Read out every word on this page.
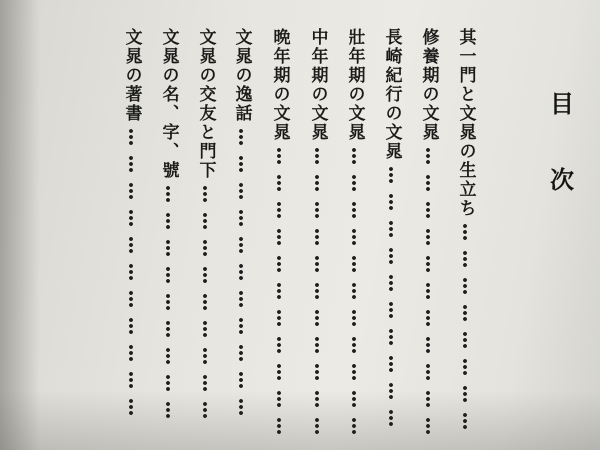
目
次
其一門と文晁の生立ち
修養期の文晁
長崎紀行の文晁
壯年期の文晁
中年期の文晁
晩年期の文晁
文晁の逸話
文晁の交友と門下
文晁の名、字、號
文晁の著書
